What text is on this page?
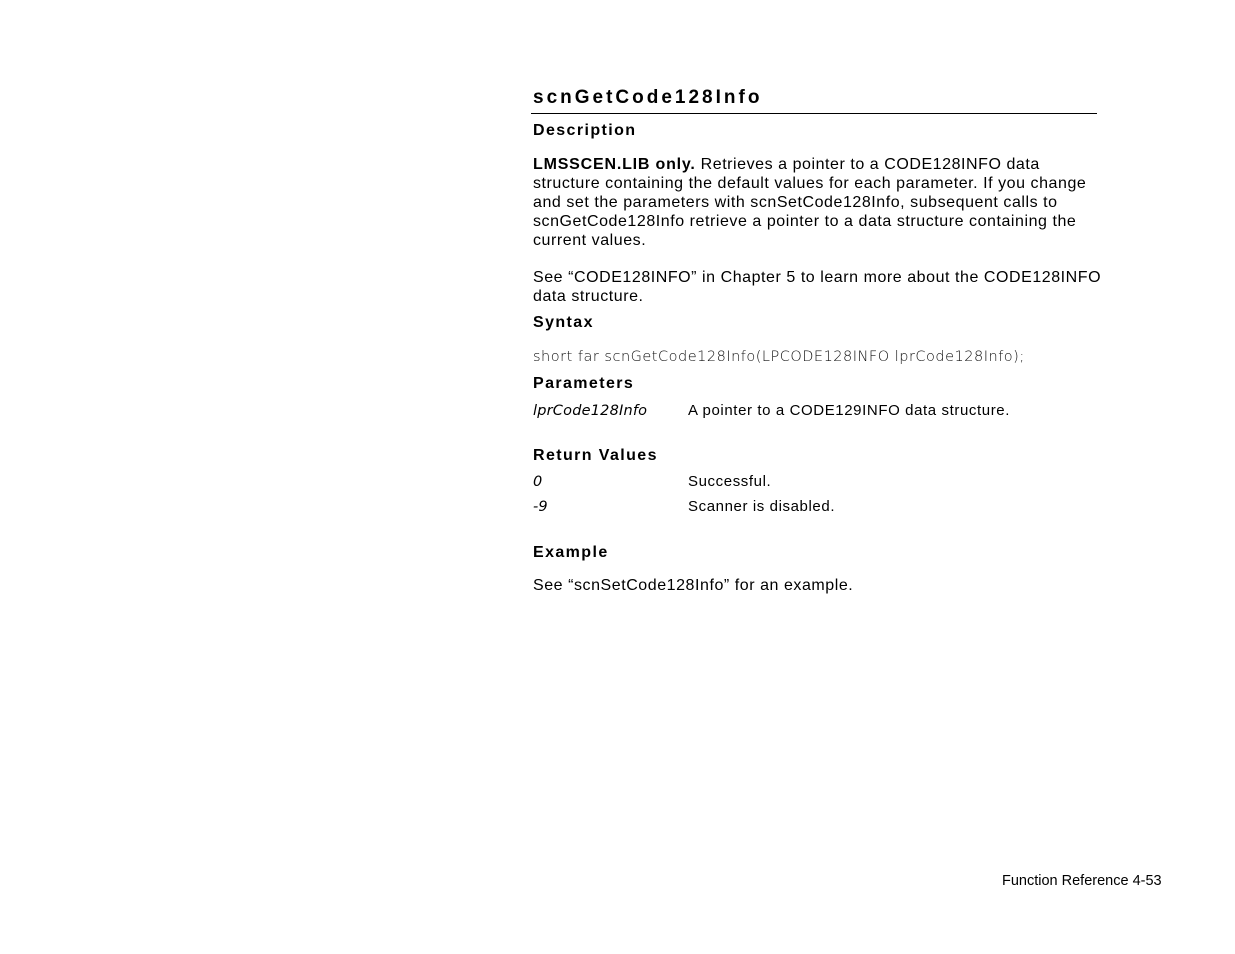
scnGetCode128Info
Description

LMSSCEN.LIB only. Retrieves a pointer to a CODE128INFO data structure containing the default values for each parameter. If you change and set the parameters with scnSetCode128Info, subsequent calls to scnGetCode128Info retrieve a pointer to a data structure containing the current values.

See “CODE128INFO” in Chapter 5 to learn more about the CODE128INFO data structure.

Syntax
short far scnGetCode128Info(LPCODE128INFO lprCode128Info);
Parameters
lprCode128Info	A pointer to a CODE129INFO data structure.
Return Values
0	Successful.
-9	Scanner is disabled.
Example

See “scnSetCode128Info” for an example.

Function Reference 4-53
